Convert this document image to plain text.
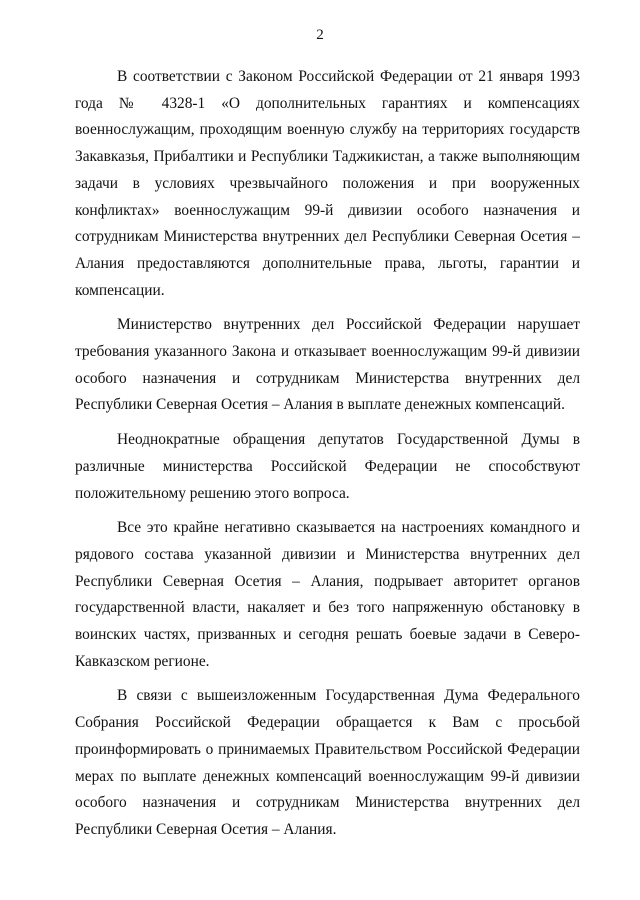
2

В соответствии с Законом Российской Федерации от 21 января 1993 года № 4328-1 «О дополнительных гарантиях и компенсациях военнослужащим, проходящим военную службу на территориях государств Закавказья, Прибалтики и Республики Таджикистан, а также выполняющим задачи в условиях чрезвычайного положения и при вооруженных конфликтах» военнослужащим 99-й дивизии особого назначения и сотрудникам Министерства внутренних дел Республики Северная Осетия – Алания предоставляются дополнительные права, льготы, гарантии и компенсации.

Министерство внутренних дел Российской Федерации нарушает требования указанного Закона и отказывает военнослужащим 99-й дивизии особого назначения и сотрудникам Министерства внутренних дел Республики Северная Осетия – Алания в выплате денежных компенсаций.

Неоднократные обращения депутатов Государственной Думы в различные министерства Российской Федерации не способствуют положительному решению этого вопроса.

Все это крайне негативно сказывается на настроениях командного и рядового состава указанной дивизии и Министерства внутренних дел Республики Северная Осетия – Алания, подрывает авторитет органов государственной власти, накаляет и без того напряженную обстановку в воинских частях, призванных и сегодня решать боевые задачи в Северо-Кавказском регионе.

В связи с вышеизложенным Государственная Дума Федерального Собрания Российской Федерации обращается к Вам с просьбой проинформировать о принимаемых Правительством Российской Федерации мерах по выплате денежных компенсаций военнослужащим 99-й дивизии особого назначения и сотрудникам Министерства внутренних дел Республики Северная Осетия – Алания.
